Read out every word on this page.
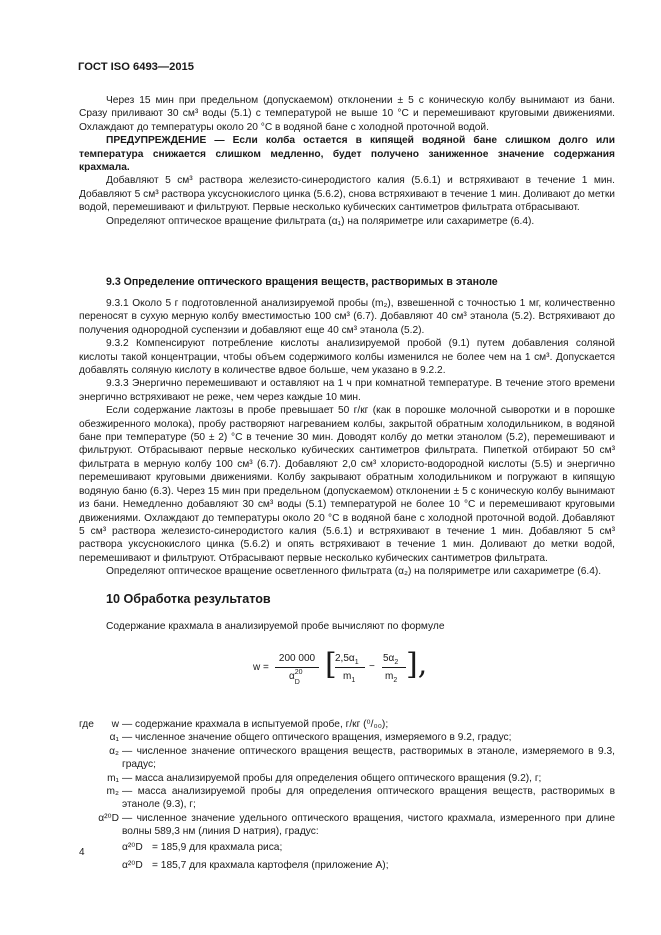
ГОСТ ISO 6493—2015

Через 15 мин при предельном (допускаемом) отклонении ± 5 с коническую колбу вынимают из бани. Сразу приливают 30 см³ воды (5.1) с температурой не выше 10 °С и перемешивают круговыми движениями. Охлаждают до температуры около 20 °С в водяной бане с холодной проточной водой.

ПРЕДУПРЕЖДЕНИЕ — Если колба остается в кипящей водяной бане слишком долго или температура снижается слишком медленно, будет получено заниженное значение содержания крахмала.

Добавляют 5 см³ раствора железисто-синеродистого калия (5.6.1) и встряхивают в течение 1 мин. Добавляют 5 см³ раствора уксуснокислого цинка (5.6.2), снова встряхивают в течение 1 мин. Доливают до метки водой, перемешивают и фильтруют. Первые несколько кубических сантиметров фильтрата отбрасывают.

Определяют оптическое вращение фильтрата (α₁) на поляриметре или сахариметре (6.4).

9.3 Определение оптического вращения веществ, растворимых в этаноле

9.3.1 Около 5 г подготовленной анализируемой пробы (m₂), взвешенной с точностью 1 мг, количественно переносят в сухую мерную колбу вместимостью 100 см³ (6.7). Добавляют 40 см³ этанола (5.2). Встряхивают до получения однородной суспензии и добавляют еще 40 см³ этанола (5.2).

9.3.2 Компенсируют потребление кислоты анализируемой пробой (9.1) путем добавления соляной кислоты такой концентрации, чтобы объем содержимого колбы изменился не более чем на 1 см³. Допускается добавлять соляную кислоту в количестве вдвое больше, чем указано в 9.2.2.

9.3.3 Энергично перемешивают и оставляют на 1 ч при комнатной температуре. В течение этого времени энергично встряхивают не реже, чем через каждые 10 мин.

Если содержание лактозы в пробе превышает 50 г/кг (как в порошке молочной сыворотки и в порошке обезжиренного молока), пробу растворяют нагреванием колбы, закрытой обратным холодильником, в водяной бане при температуре (50 ± 2) °С в течение 30 мин. Доводят колбу до метки этанолом (5.2), перемешивают и фильтруют. Отбрасывают первые несколько кубических сантиметров фильтрата. Пипеткой отбирают 50 см³ фильтрата в мерную колбу 100 см³ (6.7). Добавляют 2,0 см³ хлористо-водородной кислоты (5.5) и энергично перемешивают круговыми движениями. Колбу закрывают обратным холодильником и погружают в кипящую водяную баню (6.3). Через 15 мин при предельном (допускаемом) отклонении ± 5 с коническую колбу вынимают из бани. Немедленно добавляют 30 см³ воды (5.1) температурой не более 10 °С и перемешивают круговыми движениями. Охлаждают до температуры около 20 °С в водяной бане с холодной проточной водой. Добавляют 5 см³ раствора железисто-синеродистого калия (5.6.1) и встряхивают в течение 1 мин. Добавляют 5 см³ раствора уксуснокислого цинка (5.6.2) и опять встряхивают в течение 1 мин. Доливают до метки водой, перемешивают и фильтруют. Отбрасывают первые несколько кубических сантиметров фильтрата.

Определяют оптическое вращение осветленного фильтрата (α₂) на поляриметре или сахариметре (6.4).

10 Обработка результатов

Содержание крахмала в анализируемой пробе вычисляют по формуле

w =
200 000
α 20
D
[
$2,5\alpha_1$
$m_1$
−
$5\alpha_2$
$m_2$ ],
где	w — содержание крахмала в испытуемой пробе, г/кг (⁰/₀₀);
α₁ — численное значение общего оптического вращения, измеряемого в 9.2, градус;
α₂ — численное значение оптического вращения веществ, растворимых в этаноле, измеряемого в 9.3, градус;
m₁ — масса анализируемой пробы для определения общего оптического вращения (9.2), г;
m₂ — масса анализируемой пробы для определения оптического вращения веществ, растворимых в этаноле (9.3), г;
α²⁰D — численное значение удельного оптического вращения, чистого крахмала, измеренного при длине волны 589,3 нм (линия D натрия), градус:
α²⁰D = 185,9 для крахмала риса;
α²⁰D = 185,7 для крахмала картофеля (приложение А);
4
